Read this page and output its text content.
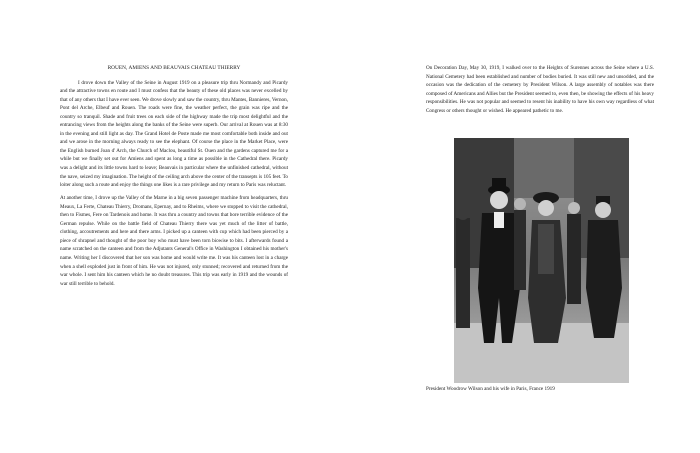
ROUEN, AMIENS AND BEAUVAIS CHATEAU THIERRY

I drove down the Valley of the Seine in August 1919 on a pleasure trip thru Normandy and Picardy and the attractive towns en route and I must confess that the beauty of these old places was never excelled by that of any others that I have ever seen. We drove slowly and saw the country, thru Mantes, Bannieres, Vernon, Pont del Arche, Elbeuf and Rouen. The roads were fine, the weather perfect, the grain was ripe and the country so tranquil. Shade and fruit trees on each side of the highway made the trip most delightful and the entrancing views from the heights along the banks of the Seine were superb. Our arrival at Rouen was at 8:30 in the evening and still light as day. The Grand Hotel de Poste made me most comfortable both inside and out and we arose in the morning always ready to see the elephant. Of course the place in the Market Place, were the English burned Joan d' Arch, the Church of Maclou, beautiful St. Ouen and the gardens captured me for a while but we finally set out for Amiens and spent as long a time as possible in the Cathedral there. Picardy was a delight and its little towns hard to leave; Beauvais in particular where the unfinished cathedral, without the nave, seized my imagination. The height of the ceiling arch above the center of the transepts is 105 feet. To loiter along such a route and enjoy the things one likes is a rare privilege and my return to Paris was reluctant.

At another time, I drove up the Valley of the Marne in a big seven passenger machine from headquarters, thru Meaux, La Ferte, Chateau Thierry, Dromans, Epernay, and to Rheims, where we stopped to visit the cathedral, then to Fismes, Fere on Tardenois and home. It was thru a country and towns that bore terrible evidence of the German repulse. While on the battle field of Chateau Thierry there was yet much of the litter of battle, clothing, accoutrements and here and there arms. I picked up a canteen with cup which had been pierced by a piece of shrapnel and thought of the poor boy who must have been torn biowise to bits. I afterwards found a name scratched on the canteen and from the Adjutants General's Office in Washington I obtained his mother's name. Writing her I discovered that her son was home and would write me. It was his canteen lost in a charge when a shell exploded just in front of him. He was not injured, only stunned; recovered and returned from the war whole. I sent him his canteen which he no doubt treasures. This trip was early in 1919 and the wounds of war still terrible to behold.

On Decoration Day, May 30, 1919, I walked over to the Heights of Surennes across the Seine where a U.S. National Cemetery had been established and number of bodies buried. It was still new and unsodded, and the occasion was the dedication of the cemetery by President Wilson. A large assembly of notables was there composed of Americans and Allies but the President seemed to, even then, be showing the effects of his heavy responsibilities. He was not popular and seemed to resent his inability to have his own way regardless of what Congress or others thought or wished. He appeared pathetic to me.

President Woodrow Wilson and his wife in Paris, France 1919
